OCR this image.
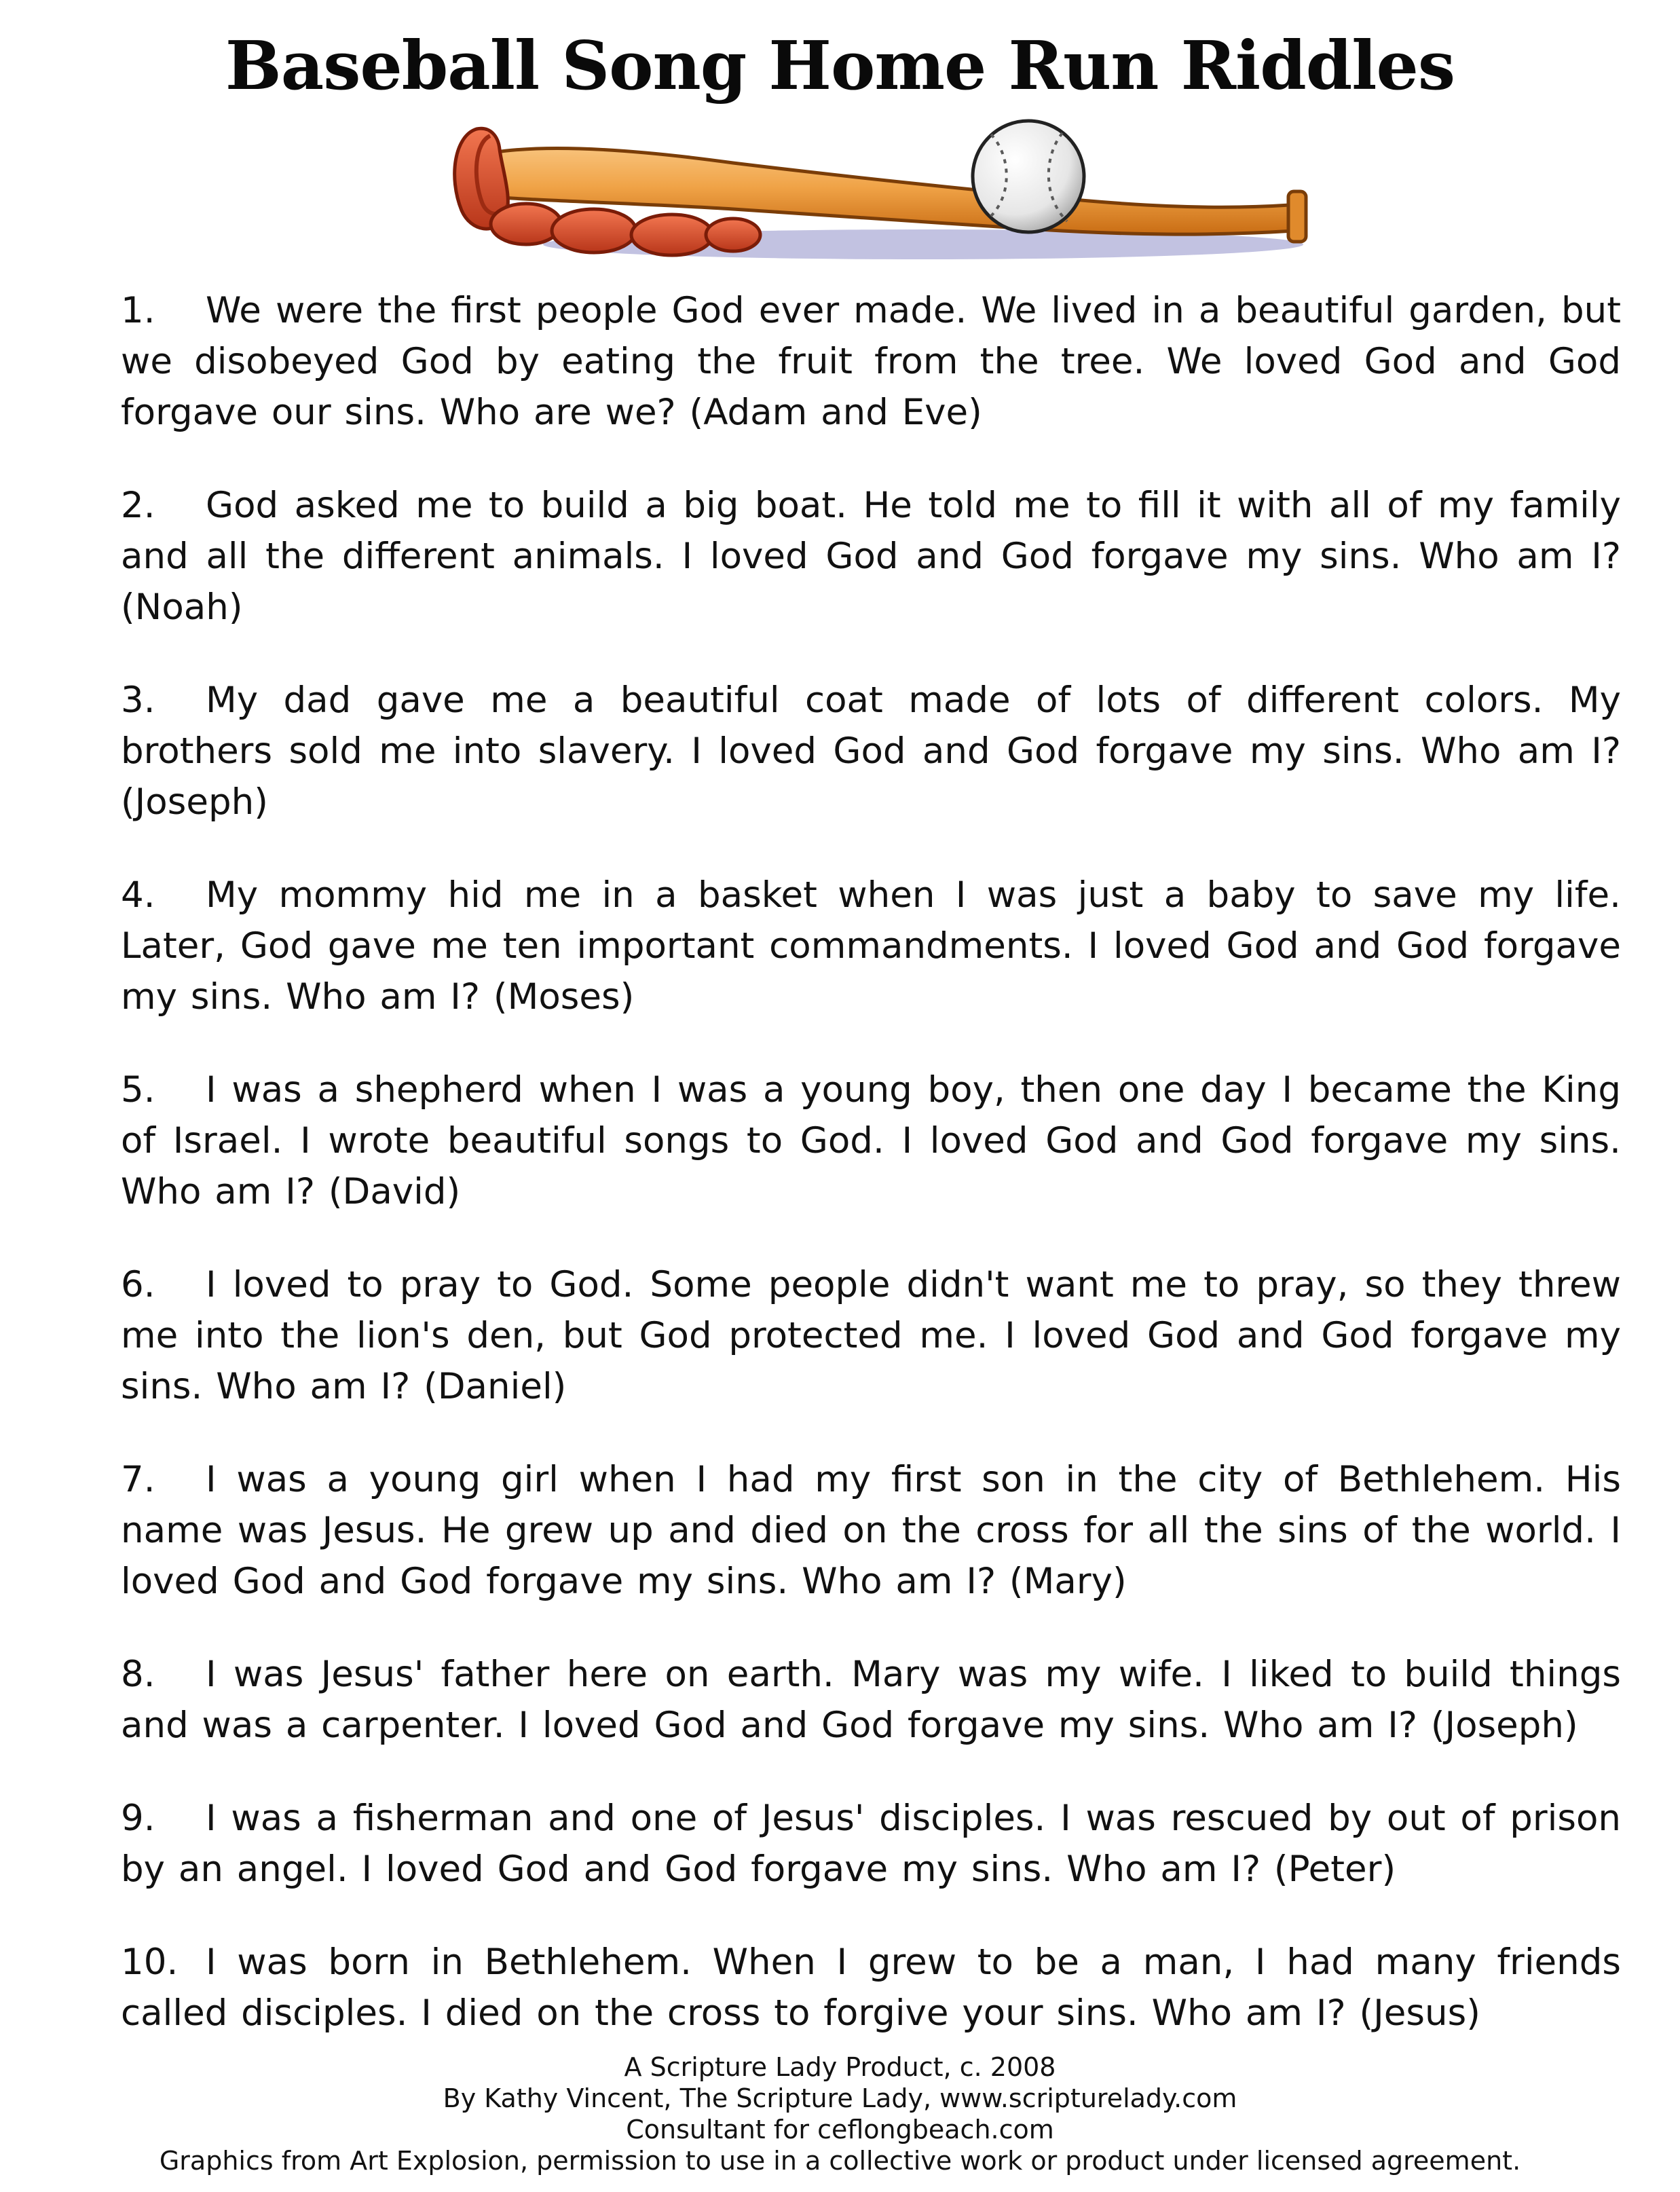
Baseball Song Home Run Riddles
1. We were the first people God ever made. We lived in a beautiful garden, but we disobeyed God by eating the fruit from the tree. We loved God and God forgave our sins. Who are we? (Adam and Eve)
2. God asked me to build a big boat. He told me to fill it with all of my family and all the different animals. I loved God and God forgave my sins. Who am I? (Noah)
3. My dad gave me a beautiful coat made of lots of different colors. My brothers sold me into slavery. I loved God and God forgave my sins. Who am I? (Joseph)
4. My mommy hid me in a basket when I was just a baby to save my life. Later, God gave me ten important commandments. I loved God and God forgave my sins. Who am I? (Moses)
5. I was a shepherd when I was a young boy, then one day I became the King of Israel. I wrote beautiful songs to God. I loved God and God forgave my sins. Who am I? (David)
6. I loved to pray to God. Some people didn't want me to pray, so they threw me into the lion's den, but God protected me. I loved God and God forgave my sins. Who am I? (Daniel)
7. I was a young girl when I had my first son in the city of Bethlehem. His name was Jesus. He grew up and died on the cross for all the sins of the world. I loved God and God forgave my sins. Who am I? (Mary)
8. I was Jesus' father here on earth. Mary was my wife. I liked to build things and was a carpenter. I loved God and God forgave my sins. Who am I? (Joseph)
9. I was a fisherman and one of Jesus' disciples. I was rescued by out of prison by an angel. I loved God and God forgave my sins. Who am I? (Peter)
10. I was born in Bethlehem. When I grew to be a man, I had many friends called disciples. I died on the cross to forgive your sins. Who am I? (Jesus)
A Scripture Lady Product, c. 2008
By Kathy Vincent, The Scripture Lady, www.scripturelady.com
Consultant for ceflongbeach.com
Graphics from Art Explosion, permission to use in a collective work or product under licensed agreement.
